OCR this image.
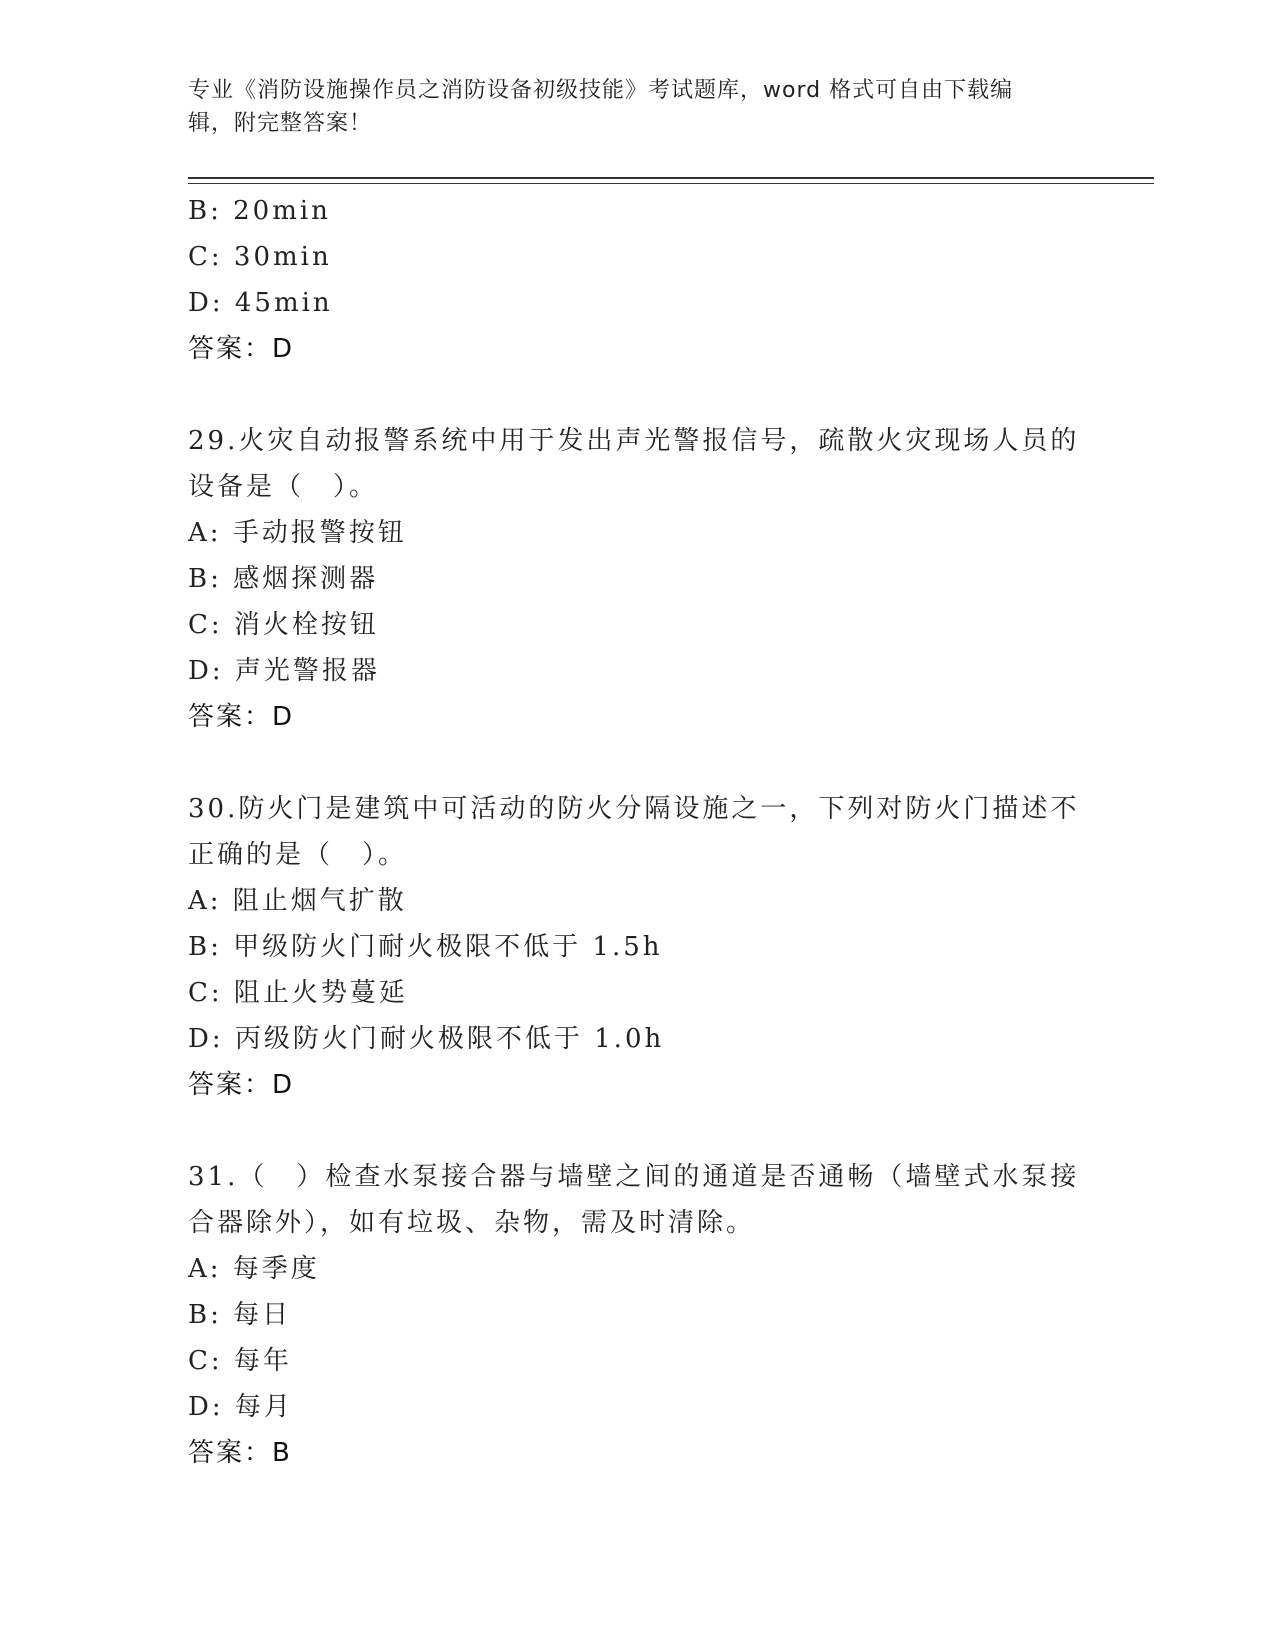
专业《消防设施操作员之消防设备初级技能》考试题库，word 格式可自由下载编
辑，附完整答案！
B: 20min
C: 30min
D: 45min
答案：D
29.火灾自动报警系统中用于发出声光警报信号，疏散火灾现场人员的
设备是（　）。
A: 手动报警按钮
B: 感烟探测器
C: 消火栓按钮
D: 声光警报器
答案：D
30.防火门是建筑中可活动的防火分隔设施之一，下列对防火门描述不
正确的是（　）。
A: 阻止烟气扩散
B: 甲级防火门耐火极限不低于 1.5h
C: 阻止火势蔓延
D: 丙级防火门耐火极限不低于 1.0h
答案：D
31.（　）检查水泵接合器与墙壁之间的通道是否通畅（墙壁式水泵接
合器除外），如有垃圾、杂物，需及时清除。
A: 每季度
B: 每日
C: 每年
D: 每月
答案：B
